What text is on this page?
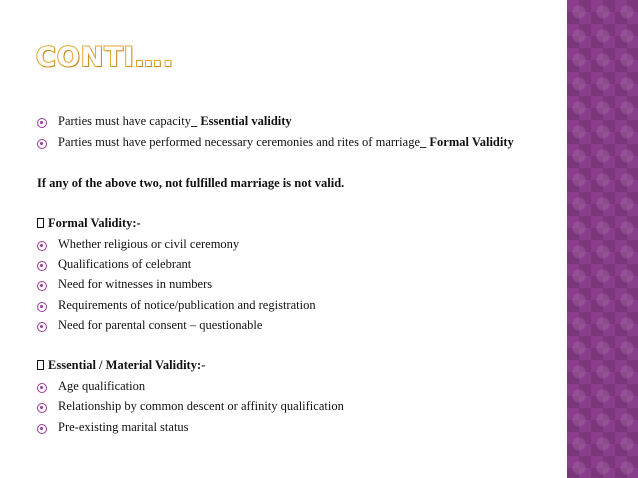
CONTI….
Parties must have capacity_ Essential validity
Parties must have performed necessary ceremonies and rites of marriage_ Formal Validity
If any of the above two, not fulfilled marriage is not valid.
Formal Validity:-
Whether religious or civil ceremony
Qualifications of celebrant
Need for witnesses in numbers
Requirements of notice/publication and registration
Need for parental consent – questionable
Essential / Material Validity:-
Age qualification
Relationship by common descent or affinity qualification
Pre-existing marital status
